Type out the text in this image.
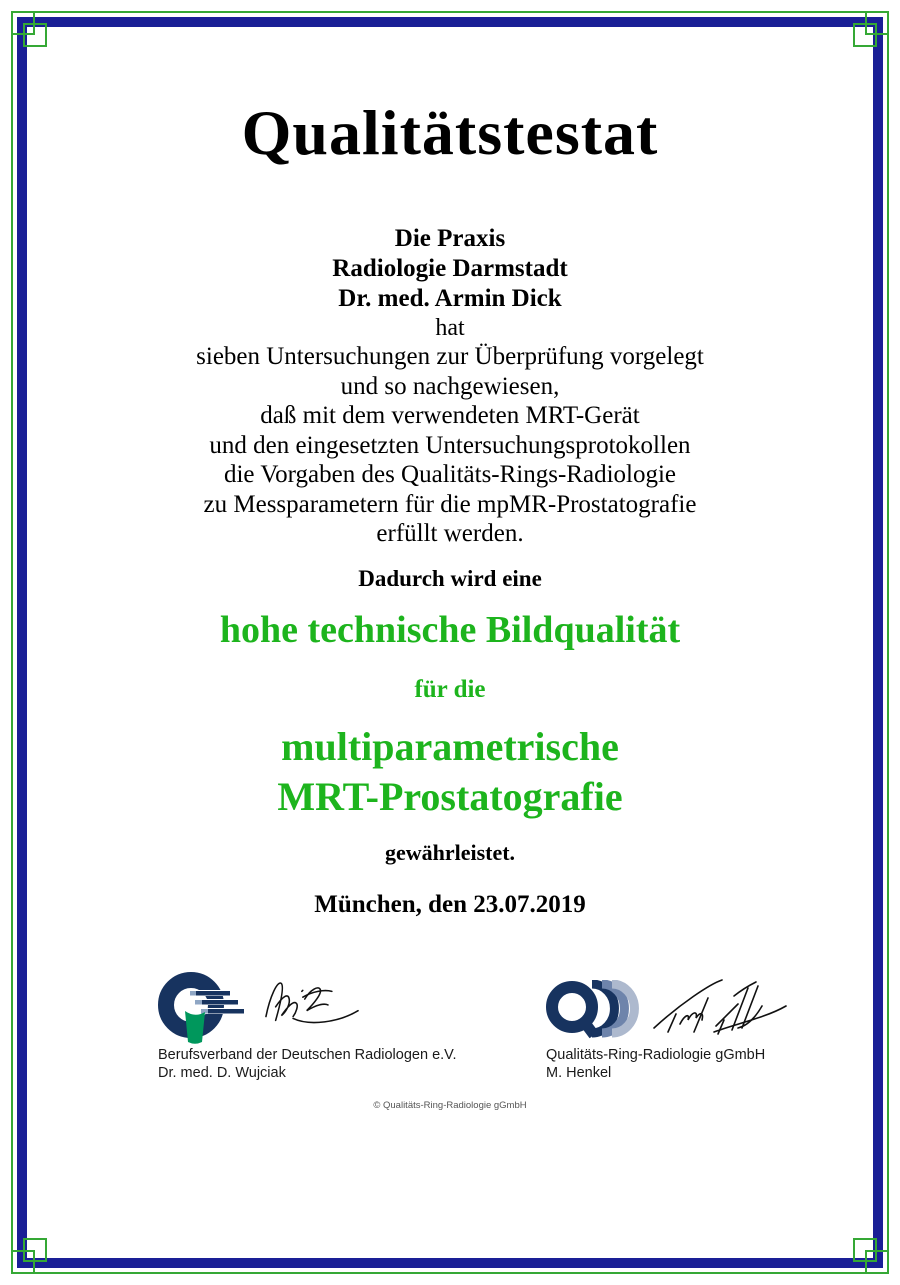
Qualitätstestat
Die Praxis
Radiologie Darmstadt
Dr. med. Armin Dick
hat
sieben Untersuchungen zur Überprüfung vorgelegt
und so nachgewiesen,
daß mit dem verwendeten MRT-Gerät
und den eingesetzten Untersuchungsprotokollen
die Vorgaben des Qualitäts-Rings-Radiologie
zu Messparametern für die mpMR-Prostatografie
erfüllt werden.
Dadurch wird eine
hohe technische Bildqualität
für die
multiparametrische
MRT-Prostatografie
gewährleistet.
München, den 23.07.2019
Berufsverband der Deutschen Radiologen e.V.
Dr. med. D. Wujciak
Qualitäts-Ring-Radiologie gGmbH
M. Henkel
© Qualitäts-Ring-Radiologie gGmbH
